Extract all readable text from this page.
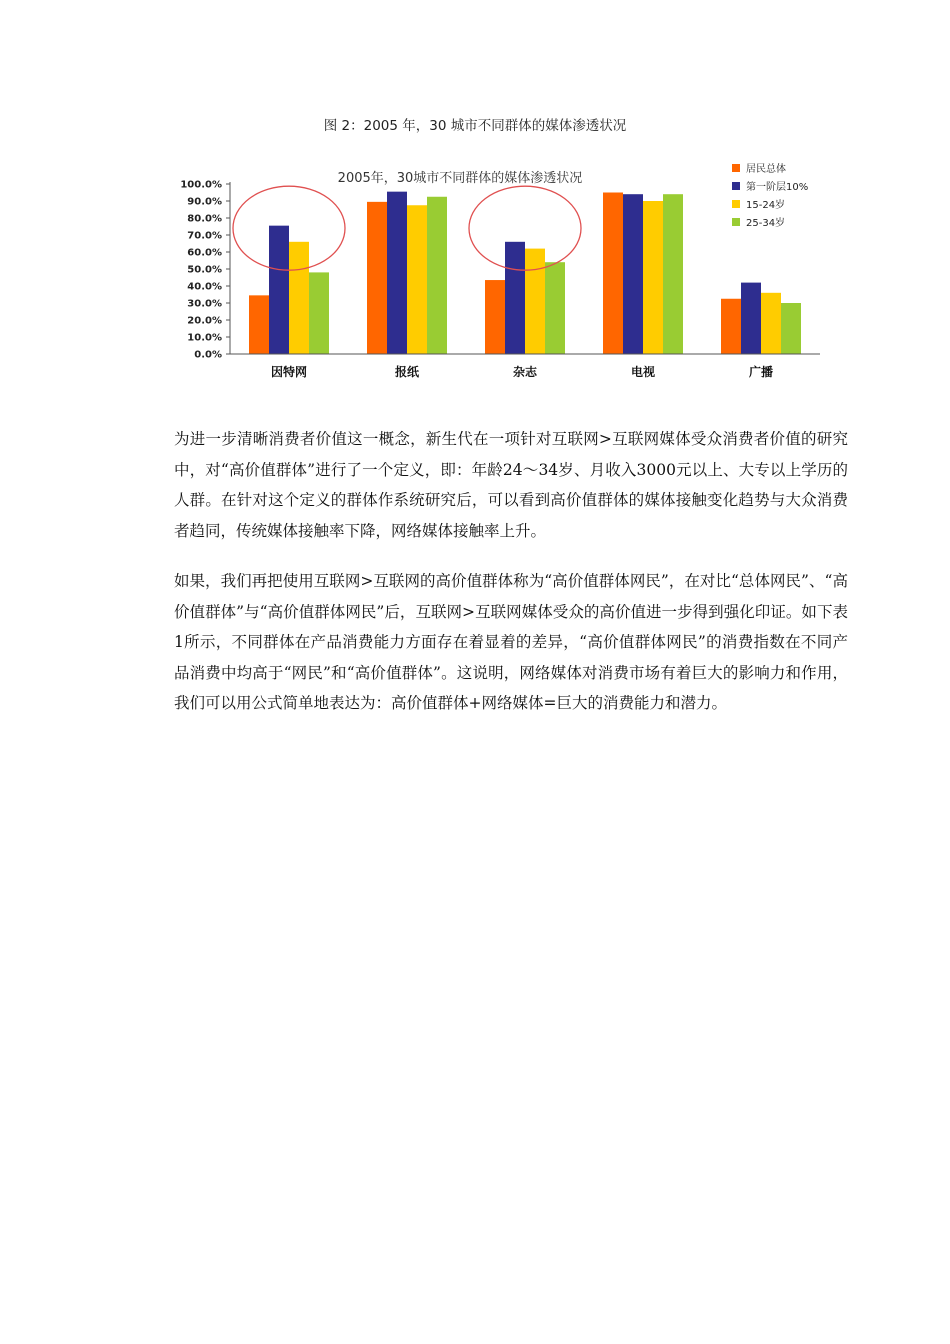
图 2：2005 年，30 城市不同群体的媒体渗透状况
2005年，30城市不同群体的媒体渗透状况
0.0%
10.0%
20.0%
30.0%
40.0%
50.0%
60.0%
70.0%
80.0%
90.0%
100.0%
因特网	报纸	杂志	电视	广播
居民总体
第一阶层10%
15-24岁
25-34岁

为进一步清晰消费者价值这一概念，新生代在一项针对互联网>互联网媒体受众消费者价值的研究中，对“高价值群体”进行了一个定义，即：年龄24～34岁、月收入3000元以上、大专以上学历的人群。在针对这个定义的群体作系统研究后，可以看到高价值群体的媒体接触变化趋势与大众消费者趋同，传统媒体接触率下降，网络媒体接触率上升。

如果，我们再把使用互联网>互联网的高价值群体称为“高价值群体网民”，在对比“总体网民”、“高价值群体”与“高价值群体网民”后，互联网>互联网媒体受众的高价值进一步得到强化印证。如下表1所示，不同群体在产品消费能力方面存在着显着的差异，“高价值群体网民”的消费指数在不同产品消费中均高于“网民”和“高价值群体”。这说明，网络媒体对消费市场有着巨大的影响力和作用，我们可以用公式简单地表达为：高价值群体+网络媒体=巨大的消费能力和潜力。
